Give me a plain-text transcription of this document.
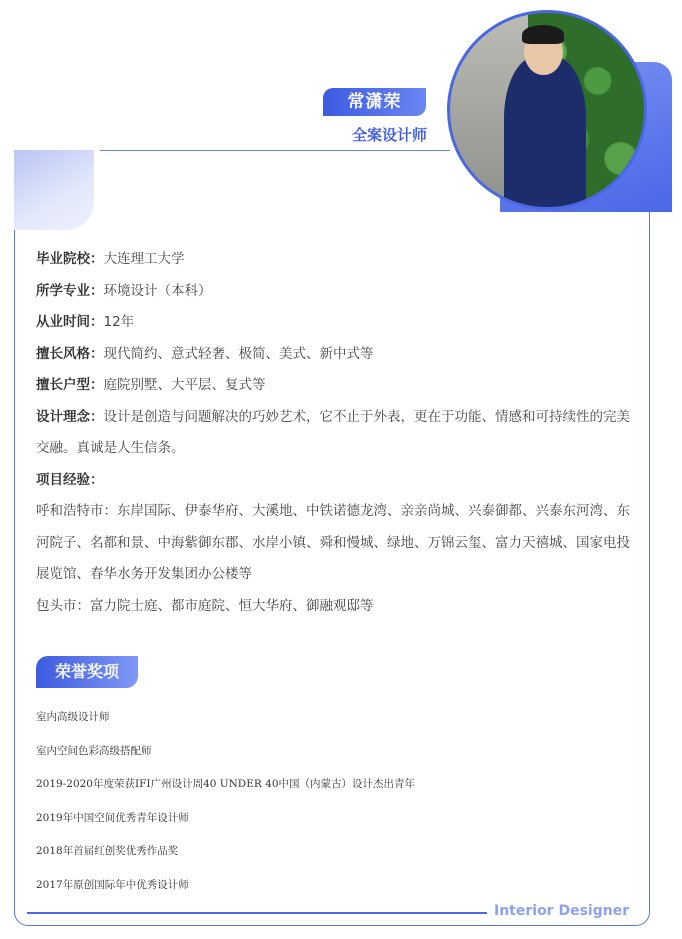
常潇荣
全案设计师
毕业院校：大连理工大学
所学专业：环境设计（本科）
从业时间：12年
擅长风格：现代简约、意式轻奢、极简、美式、新中式等
擅长户型：庭院别墅、大平层、复式等
设计理念：设计是创造与问题解决的巧妙艺术，它不止于外表，更在于功能、情感和可持续性的完美交融。真诚是人生信条。
项目经验：
呼和浩特市：东岸国际、伊泰华府、大溪地、中铁诺德龙湾、亲亲尚城、兴泰御都、兴泰东河湾、东河院子、名都和景、中海紫御东郡、水岸小镇、舜和慢城、绿地、万锦云玺、富力天禧城、国家电投展览馆、春华水务开发集团办公楼等
包头市：富力院士庭、都市庭院、恒大华府、御融观邸等
荣誉奖项
室内高级设计师
室内空间色彩高级搭配师
2019-2020年度荣获IFI广州设计周40 UNDER 40中国（内蒙古）设计杰出青年
2019年中国空间优秀青年设计师
2018年首届红创奖优秀作品奖
2017年原创国际年中优秀设计师
Interior Designer
